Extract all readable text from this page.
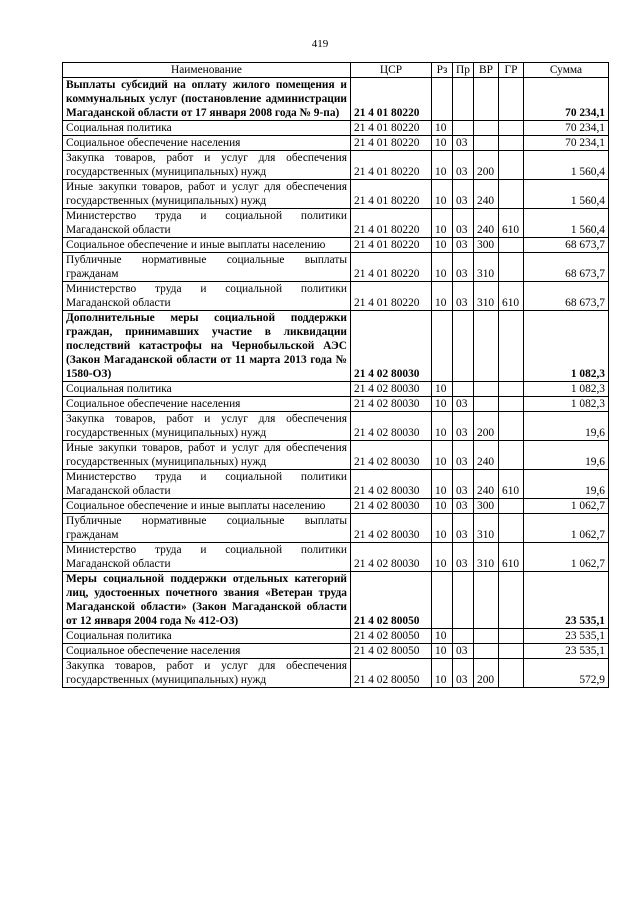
419
Наименование	ЦСР	Рз	Пр	ВР	ГР	Сумма
Выплаты субсидий на оплату жилого помещения и коммунальных услуг (постановление администрации Магаданской области от 17 января 2008 года № 9-па)	21 4 01 80220					70 234,1
Социальная политика	21 4 01 80220	10				70 234,1
Социальное обеспечение населения	21 4 01 80220	10	03			70 234,1
Закупка товаров, работ и услуг для обеспечения государственных (муниципальных) нужд	21 4 01 80220	10	03	200		1 560,4
Иные закупки товаров, работ и услуг для обеспечения государственных (муниципальных) нужд	21 4 01 80220	10	03	240		1 560,4
Министерство труда и социальной политики Магаданской области	21 4 01 80220	10	03	240	610	1 560,4
Социальное обеспечение и иные выплаты населению	21 4 01 80220	10	03	300		68 673,7
Публичные нормативные социальные выплаты гражданам	21 4 01 80220	10	03	310		68 673,7
Министерство труда и социальной политики Магаданской области	21 4 01 80220	10	03	310	610	68 673,7
Дополнительные меры социальной поддержки граждан, принимавших участие в ликвидации последствий катастрофы на Чернобыльской АЭС (Закон Магаданской области от 11 марта 2013 года № 1580-ОЗ)	21 4 02 80030					1 082,3
Социальная политика	21 4 02 80030	10				1 082,3
Социальное обеспечение населения	21 4 02 80030	10	03			1 082,3
Закупка товаров, работ и услуг для обеспечения государственных (муниципальных) нужд	21 4 02 80030	10	03	200		19,6
Иные закупки товаров, работ и услуг для обеспечения государственных (муниципальных) нужд	21 4 02 80030	10	03	240		19,6
Министерство труда и социальной политики Магаданской области	21 4 02 80030	10	03	240	610	19,6
Социальное обеспечение и иные выплаты населению	21 4 02 80030	10	03	300		1 062,7
Публичные нормативные социальные выплаты гражданам	21 4 02 80030	10	03	310		1 062,7
Министерство труда и социальной политики Магаданской области	21 4 02 80030	10	03	310	610	1 062,7
Меры социальной поддержки отдельных категорий лиц, удостоенных почетного звания «Ветеран труда Магаданской области» (Закон Магаданской области от 12 января 2004 года № 412-ОЗ)	21 4 02 80050					23 535,1
Социальная политика	21 4 02 80050	10				23 535,1
Социальное обеспечение населения	21 4 02 80050	10	03			23 535,1
Закупка товаров, работ и услуг для обеспечения государственных (муниципальных) нужд	21 4 02 80050	10	03	200		572,9
